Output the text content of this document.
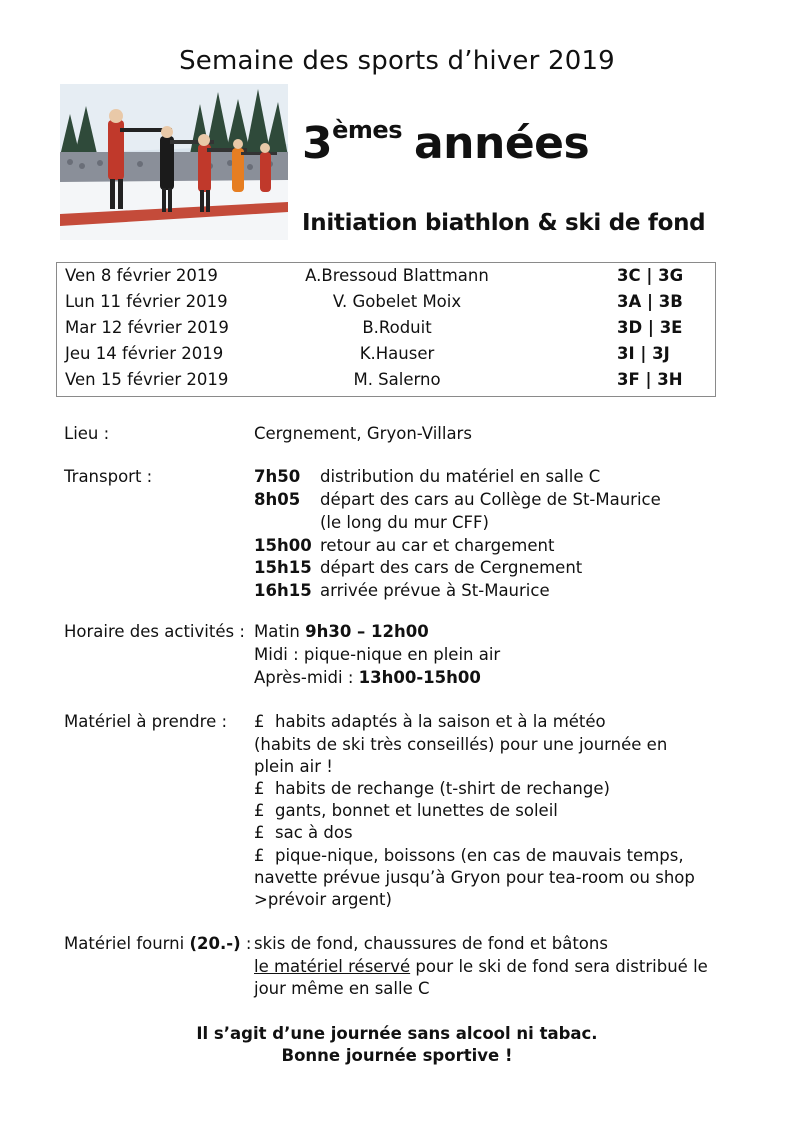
Semaine des sports d’hiver 2019
3èmes années
Initiation biathlon & ski de fond
Ven 8 février 2019	A.Bressoud Blattmann	3C | 3G
Lun 11 février 2019	V. Gobelet Moix	3A | 3B
Mar 12 février 2019	B.Roduit	3D | 3E
Jeu 14 février 2019	K.Hauser	3I | 3J
Ven 15 février 2019	M. Salerno	3F | 3H
Lieu :	Cergnement, Gryon-Villars
Transport :	7h50 distribution du matériel en salle C
8h05 départ des cars au Collège de St-Maurice
(le long du mur CFF)
15h00 retour au car et chargement
15h15 départ des cars de Cergnement
16h15 arrivée prévue à St-Maurice
Horaire des activités : Matin 9h30 – 12h00
Midi : pique-nique en plein air
Après-midi : 13h00-15h00
Matériel à prendre : £ habits adaptés à la saison et à la météo
(habits de ski très conseillés) pour une journée en
plein air !
£ habits de rechange (t-shirt de rechange)
£ gants, bonnet et lunettes de soleil
£ sac à dos
£ pique-nique, boissons (en cas de mauvais temps,
navette prévue jusqu’à Gryon pour tea-room ou shop
>prévoir argent)
Matériel fourni (20.-) : skis de fond, chaussures de fond et bâtons
le matériel réservé pour le ski de fond sera distribué le
jour même en salle C
Il s’agit d’une journée sans alcool ni tabac.
Bonne journée sportive !
